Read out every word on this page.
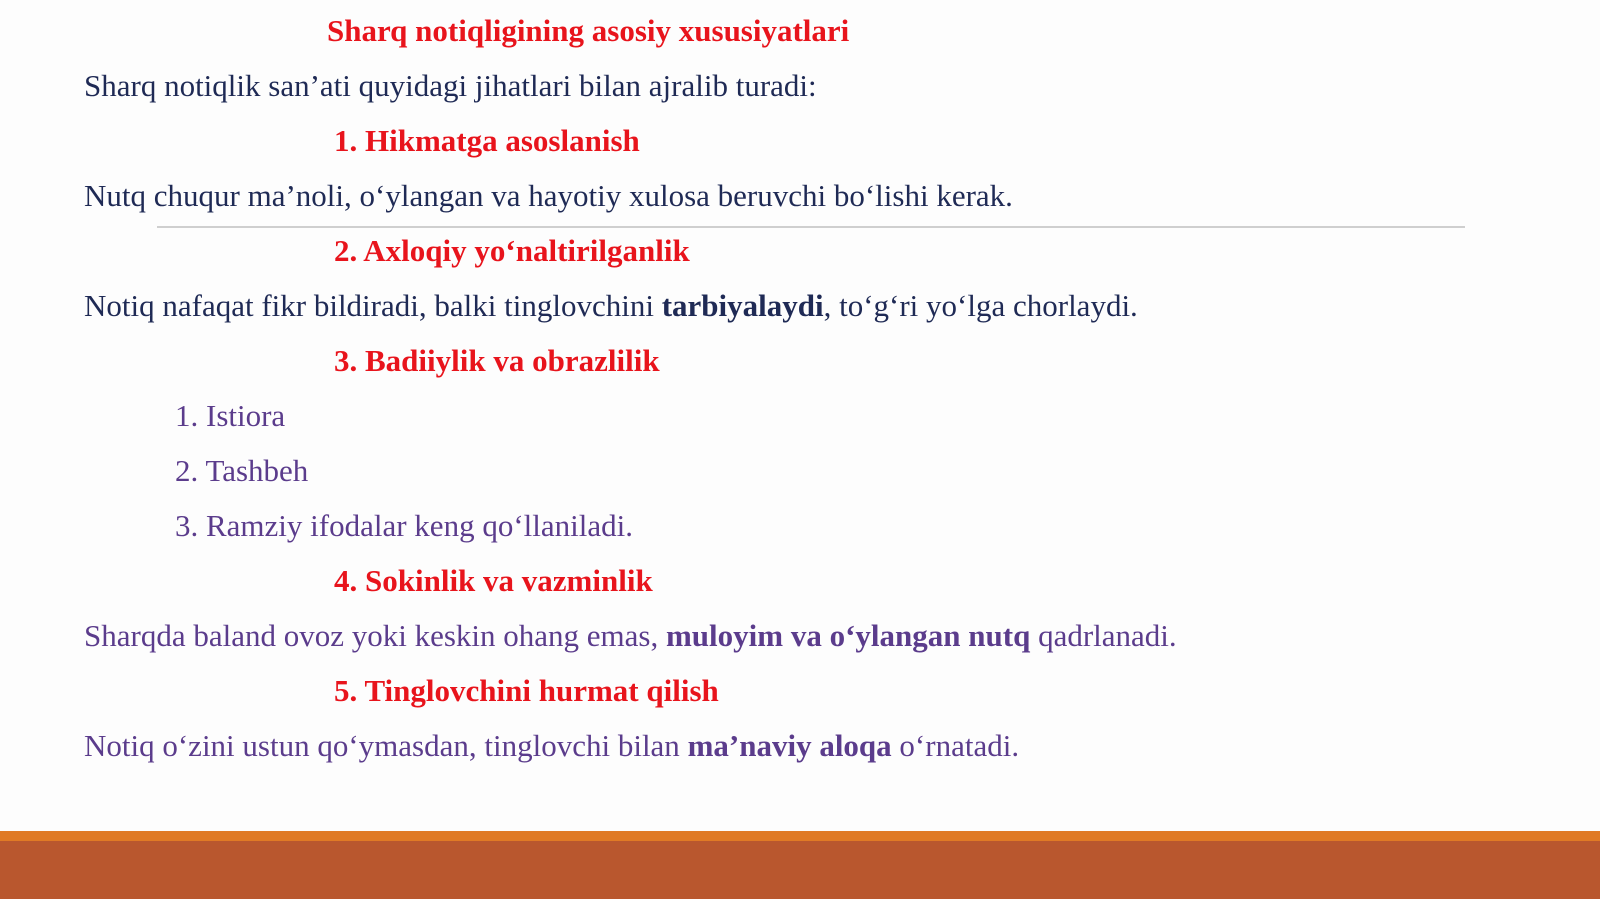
Sharq notiqligining asosiy xususiyatlari
Sharq notiqlik san’ati quyidagi jihatlari bilan ajralib turadi:
1. Hikmatga asoslanish
Nutq chuqur ma’noli, o‘ylangan va hayotiy xulosa beruvchi bo‘lishi kerak.
2. Axloqiy yo‘naltirilganlik
Notiq nafaqat fikr bildiradi, balki tinglovchini tarbiyalaydi, to‘g‘ri yo‘lga chorlaydi.
3. Badiiylik va obrazlilik
1. Istiora
2. Tashbeh
3. Ramziy ifodalar keng qo‘llaniladi.
4. Sokinlik va vazminlik
Sharqda baland ovoz yoki keskin ohang emas, muloyim va o‘ylangan nutq qadrlanadi.
5. Tinglovchini hurmat qilish
Notiq o‘zini ustun qo‘ymasdan, tinglovchi bilan ma’naviy aloqa o‘rnatadi.
